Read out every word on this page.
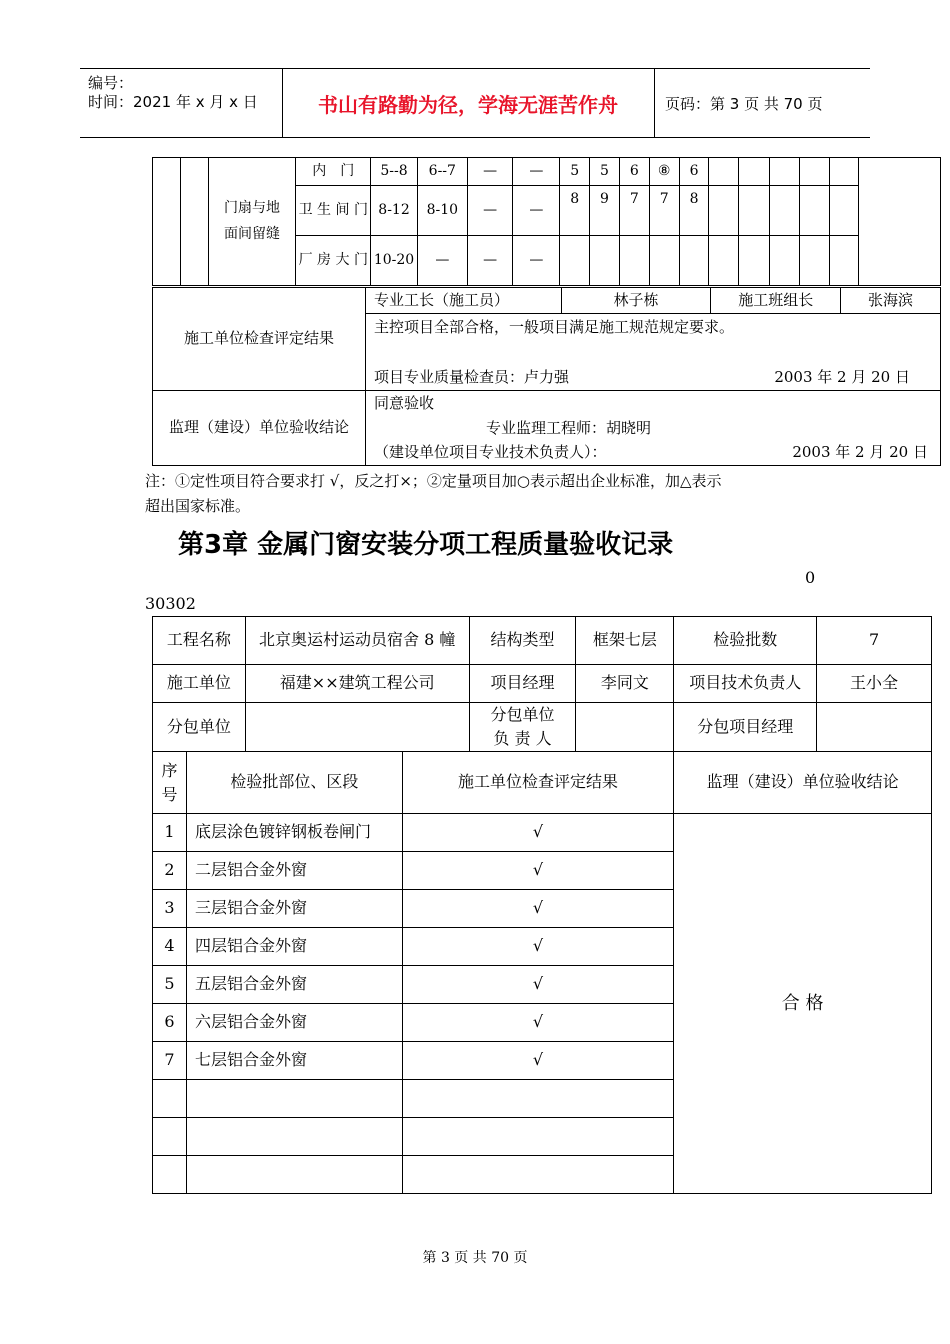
编号：
时间：2021 年 x 月 x 日	书山有路勤为径，学海无涯苦作舟	页码：第 3 页 共 70 页
		门扇与地面间留缝	内　门	5--8	6--7	—	—	5	5	6	⑧	6						
			卫 生 间 门	8-12	8-10	—	—	8	9	7	7	8						
			厂 房 大 门	10-20	—	—	—											
施工单位检查评定结果	专业工长（施工员）	林子栋	施工班组长	张海滨

	主控项目全部合格，一般项目满足施工规范规定要求。
项目专业质量检查员：卢力强 2003 年 2 月 20 日			

监理（建设）单位验收结论	同意验收
专业监理工程师：胡晓明
（建设单位项目专业技术负责人）： 2003 年 2 月 20 日			
注：①定性项目符合要求打 √，反之打×；②定量项目加○表示超出企业标准，加△表示
超出国家标准。
第3章 金属门窗安装分项工程质量验收记录
0
30302
工程名称	北京奥运村运动员宿舍 8 幢	结构类型	框架七层	检验批数	7
施工单位	福建××建筑工程公司	项目经理	李同文	项目技术负责人	王小全
分包单位		分包单位负 责 人		分包项目经理	
序号	检验批部位、区段	施工单位检查评定结果	监理（建设）单位验收结论
1	底层涂色镀锌钢板卷闸门	√	合 格
2	二层铝合金外窗	√	
3	三层铝合金外窗	√	
4	四层铝合金外窗	√	
5	五层铝合金外窗	√	
6	六层铝合金外窗	√	
7	七层铝合金外窗	√	

第 3 页 共 70 页
